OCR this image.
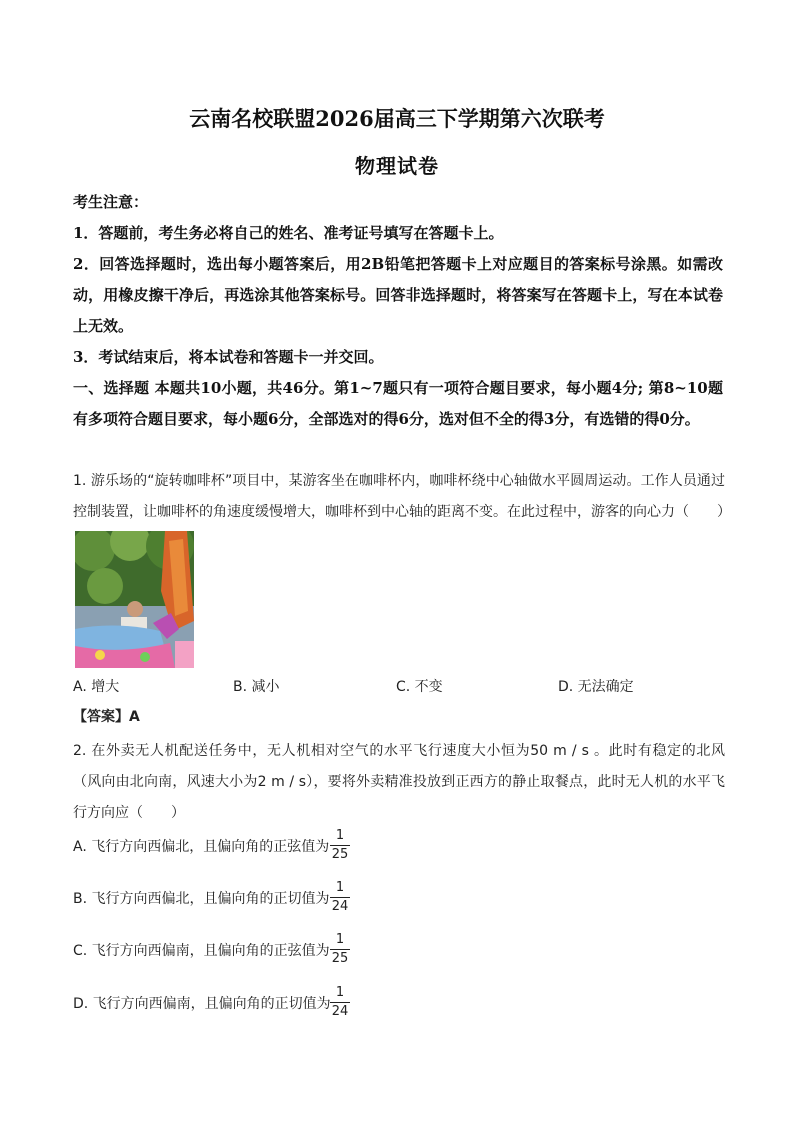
云南名校联盟2026届高三下学期第六次联考
物理试卷
考生注意：
1．答题前，考生务必将自己的姓名、准考证号填写在答题卡上。
2．回答选择题时，选出每小题答案后，用2B铅笔把答题卡上对应题目的答案标号涂黑。如需改动，用橡皮擦干净后，再选涂其他答案标号。回答非选择题时，将答案写在答题卡上，写在本试卷上无效。
3．考试结束后，将本试卷和答题卡一并交回。
一、选择题 本题共10小题，共46分。第1~7题只有一项符合题目要求，每小题4分; 第8~10题有多项符合题目要求，每小题6分，全部选对的得6分，选对但不全的得3分，有选错的得0分。
1. 游乐场的“旋转咖啡杯”项目中，某游客坐在咖啡杯内，咖啡杯绕中心轴做水平圆周运动。工作人员通过控制装置，让咖啡杯的角速度缓慢增大，咖啡杯到中心轴的距离不变。在此过程中，游客的向心力（　　）
A. 增大	B. 减小	C. 不变	D. 无法确定
【答案】A
2. 在外卖无人机配送任务中，无人机相对空气的水平飞行速度大小恒为50 m / s 。此时有稳定的北风（风向由北向南，风速大小为2 m / s），要将外卖精准投放到正西方的静止取餐点，此时无人机的水平飞行方向应（　　）
A. 飞行方向西偏北，且偏向角的正弦值为 $\frac{1}{25}$
B. 飞行方向西偏北，且偏向角的正切值为 $\frac{1}{24}$
C. 飞行方向西偏南，且偏向角的正弦值为 $\frac{1}{25}$
D. 飞行方向西偏南，且偏向角的正切值为 $\frac{1}{24}$
